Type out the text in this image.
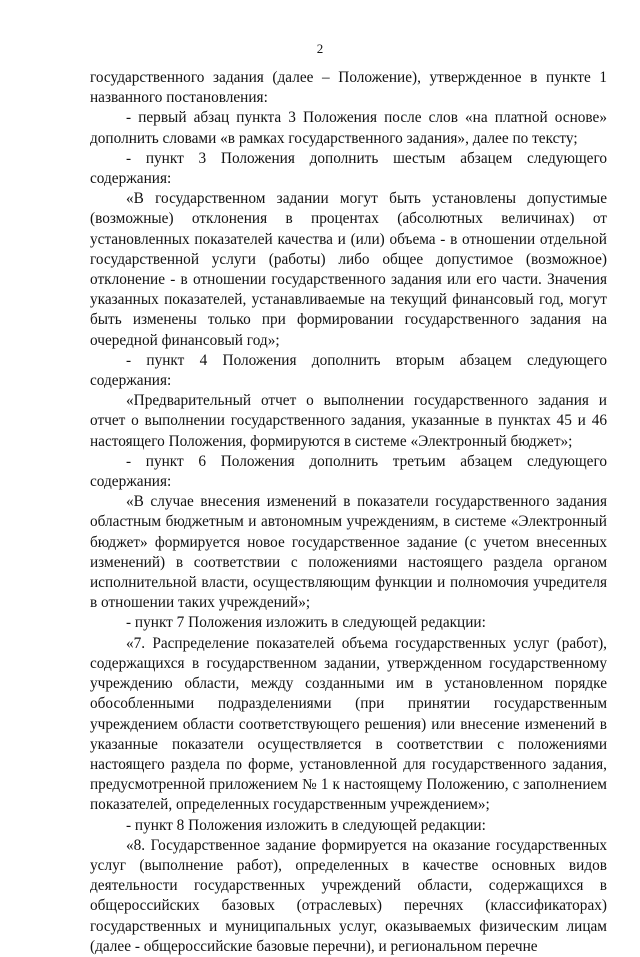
2

государственного задания (далее – Положение), утвержденное в пункте 1 названного постановления:

- первый абзац пункта 3 Положения после слов «на платной основе» дополнить словами «в рамках государственного задания», далее по тексту;

- пункт 3 Положения дополнить шестым абзацем следующего содержания:

«В государственном задании могут быть установлены допустимые (возможные) отклонения в процентах (абсолютных величинах) от установленных показателей качества и (или) объема - в отношении отдельной государственной услуги (работы) либо общее допустимое (возможное) отклонение - в отношении государственного задания или его части. Значения указанных показателей, устанавливаемые на текущий финансовый год, могут быть изменены только при формировании государственного задания на очередной финансовый год»;

- пункт 4 Положения дополнить вторым абзацем следующего содержания:

«Предварительный отчет о выполнении государственного задания и отчет о выполнении государственного задания, указанные в пунктах 45 и 46 настоящего Положения, формируются в системе «Электронный бюджет»;

- пункт 6 Положения дополнить третьим абзацем следующего содержания:

«В случае внесения изменений в показатели государственного задания областным бюджетным и автономным учреждениям, в системе «Электронный бюджет» формируется новое государственное задание (с учетом внесенных изменений) в соответствии с положениями настоящего раздела органом исполнительной власти, осуществляющим функции и полномочия учредителя в отношении таких учреждений»;

- пункт 7 Положения изложить в следующей редакции:

«7. Распределение показателей объема государственных услуг (работ), содержащихся в государственном задании, утвержденном государственному учреждению области, между созданными им в установленном порядке обособленными подразделениями (при принятии государственным учреждением области соответствующего решения) или внесение изменений в указанные показатели осуществляется в соответствии с положениями настоящего раздела по форме, установленной для государственного задания, предусмотренной приложением № 1 к настоящему Положению, с заполнением показателей, определенных государственным учреждением»;

- пункт 8 Положения изложить в следующей редакции:

«8. Государственное задание формируется на оказание государственных услуг (выполнение работ), определенных в качестве основных видов деятельности государственных учреждений области, содержащихся в общероссийских базовых (отраслевых) перечнях (классификаторах) государственных и муниципальных услуг, оказываемых физическим лицам (далее - общероссийские базовые перечни), и региональном перечне
